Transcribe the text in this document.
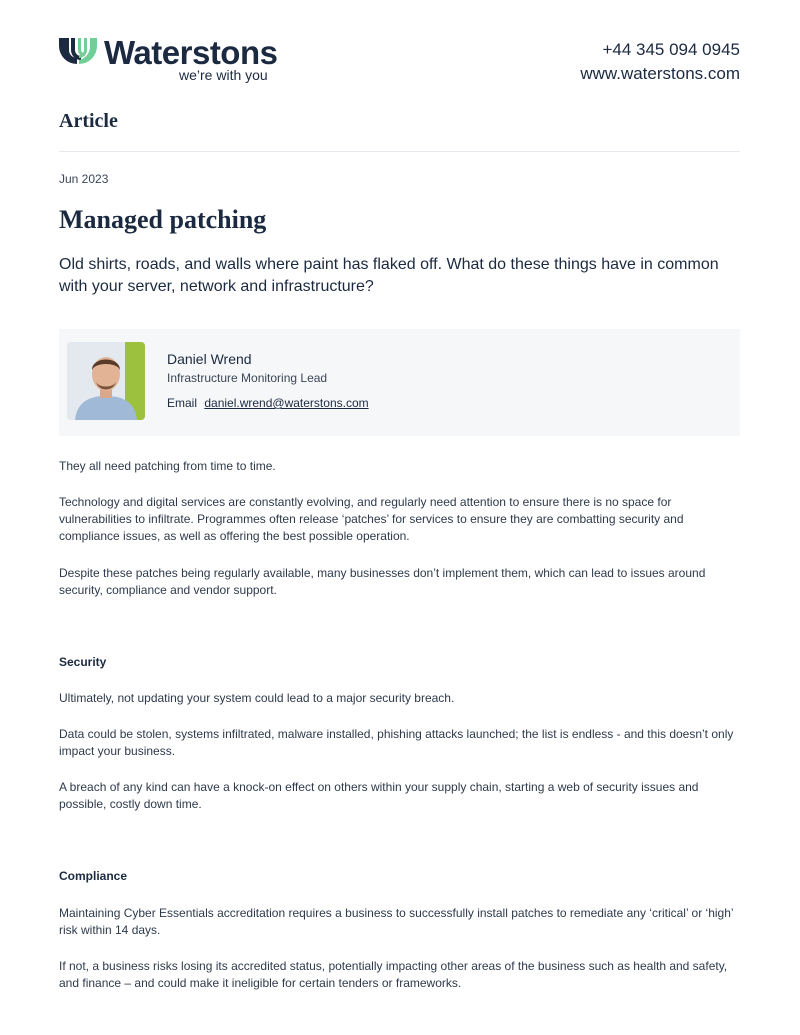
Waterstons
we’re with you
+44 345 094 0945
www.waterstons.com
Article
Jun 2023
Managed patching

Old shirts, roads, and walls where paint has flaked off. What do these things have in common with your server, network and infrastructure?

Daniel Wrend
Infrastructure Monitoring Lead
Email daniel.wrend@waterstons.com

They all need patching from time to time.

Technology and digital services are constantly evolving, and regularly need attention to ensure there is no space for vulnerabilities to infiltrate. Programmes often release ‘patches’ for services to ensure they are combatting security and compliance issues, as well as offering the best possible operation.

Despite these patches being regularly available, many businesses don’t implement them, which can lead to issues around security, compliance and vendor support.

Security

Ultimately, not updating your system could lead to a major security breach.

Data could be stolen, systems infiltrated, malware installed, phishing attacks launched; the list is endless - and this doesn’t only impact your business.

A breach of any kind can have a knock-on effect on others within your supply chain, starting a web of security issues and possible, costly down time.

Compliance

Maintaining Cyber Essentials accreditation requires a business to successfully install patches to remediate any ‘critical’ or ‘high’ risk within 14 days.

If not, a business risks losing its accredited status, potentially impacting other areas of the business such as health and safety, and finance – and could make it ineligible for certain tenders or frameworks.
